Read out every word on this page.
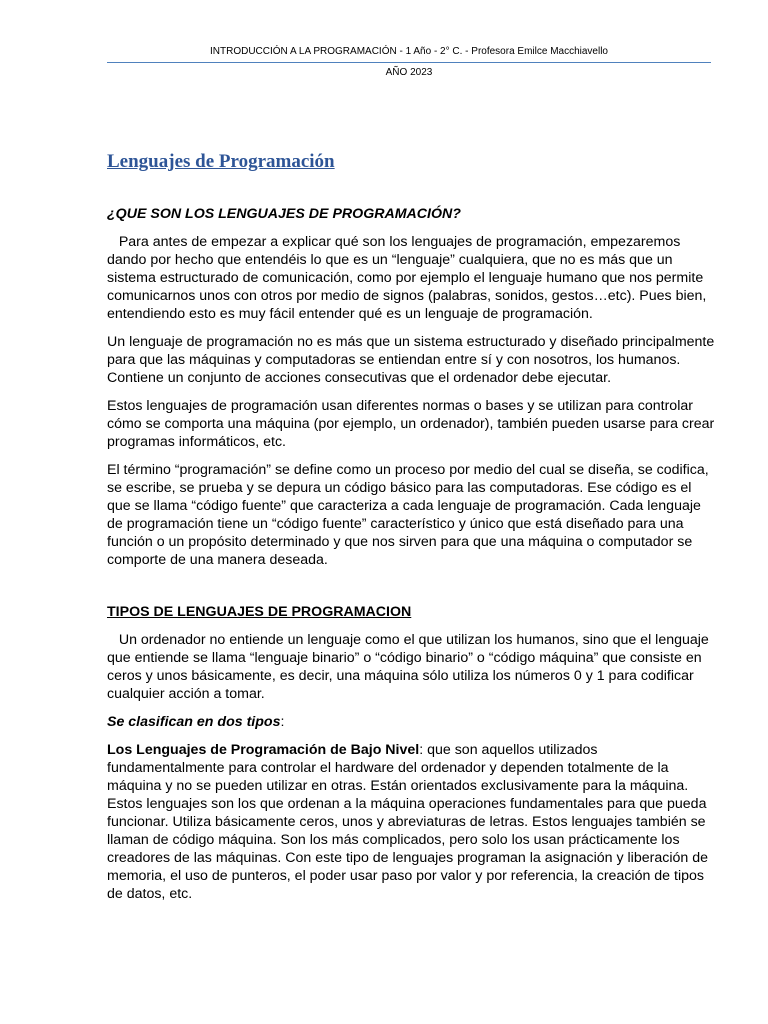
INTRODUCCIÓN A LA PROGRAMACIÓN - 1 Año - 2° C. - Profesora Emilce Macchiavello
AÑO 2023
Lenguajes de Programación

¿QUE SON LOS LENGUAJES DE PROGRAMACIÓN?

Para antes de empezar a explicar qué son los lenguajes de programación, empezaremos dando por hecho que entendéis lo que es un “lenguaje” cualquiera, que no es más que un sistema estructurado de comunicación, como por ejemplo el lenguaje humano que nos permite comunicarnos unos con otros por medio de signos (palabras, sonidos, gestos…etc). Pues bien, entendiendo esto es muy fácil entender qué es un lenguaje de programación.

Un lenguaje de programación no es más que un sistema estructurado y diseñado principalmente para que las máquinas y computadoras se entiendan entre sí y con nosotros, los humanos. Contiene un conjunto de acciones consecutivas que el ordenador debe ejecutar.

Estos lenguajes de programación usan diferentes normas o bases y se utilizan para controlar cómo se comporta una máquina (por ejemplo, un ordenador), también pueden usarse para crear programas informáticos, etc.

El término “programación” se define como un proceso por medio del cual se diseña, se codifica, se escribe, se prueba y se depura un código básico para las computadoras. Ese código es el que se llama “código fuente” que caracteriza a cada lenguaje de programación. Cada lenguaje de programación tiene un “código fuente” característico y único que está diseñado para una función o un propósito determinado y que nos sirven para que una máquina o computador se comporte de una manera deseada.

TIPOS DE LENGUAJES DE PROGRAMACION

Un ordenador no entiende un lenguaje como el que utilizan los humanos, sino que el lenguaje que entiende se llama “lenguaje binario” o “código binario” o “código máquina” que consiste en ceros y unos básicamente, es decir, una máquina sólo utiliza los números 0 y 1 para codificar cualquier acción a tomar.

Se clasifican en dos tipos:

Los Lenguajes de Programación de Bajo Nivel: que son aquellos utilizados fundamentalmente para controlar el hardware del ordenador y dependen totalmente de la máquina y no se pueden utilizar en otras. Están orientados exclusivamente para la máquina. Estos lenguajes son los que ordenan a la máquina operaciones fundamentales para que pueda funcionar. Utiliza básicamente ceros, unos y abreviaturas de letras. Estos lenguajes también se llaman de código máquina. Son los más complicados, pero solo los usan prácticamente los creadores de las máquinas. Con este tipo de lenguajes programan la asignación y liberación de memoria, el uso de punteros, el poder usar paso por valor y por referencia, la creación de tipos de datos, etc.
